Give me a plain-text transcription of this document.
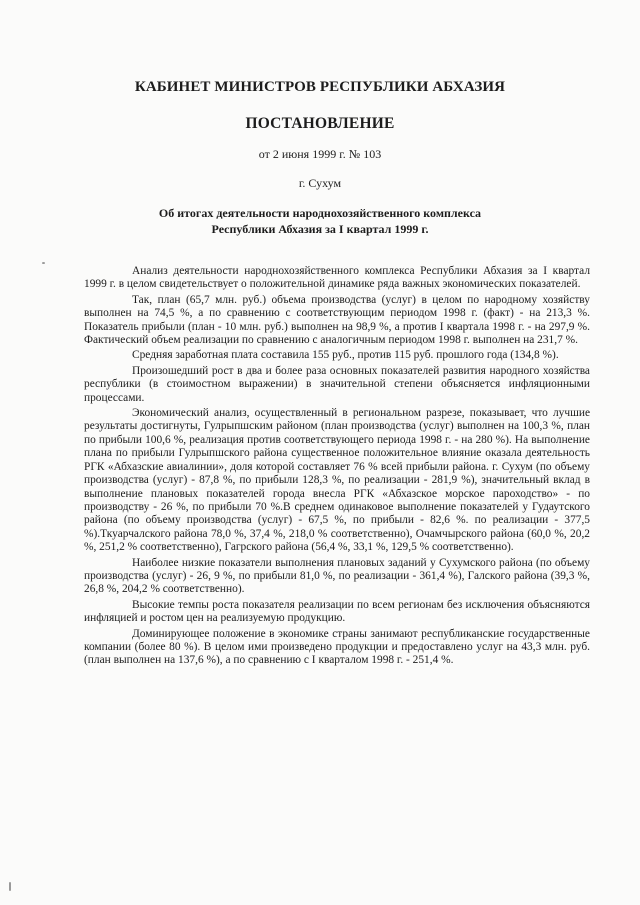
КАБИНЕТ МИНИСТРОВ РЕСПУБЛИКИ АБХАЗИЯ
ПОСТАНОВЛЕНИЕ
от 2 июня 1999 г. № 103
г. Сухум
Об итогах деятельности народнохозяйственного комплекса
Республики Абхазия за I квартал 1999 г.

Анализ деятельности народнохозяйственного комплекса Республики Абхазия за I квартал 1999 г. в целом свидетельствует о положительной динамике ряда важных экономических показателей.

Так, план (65,7 млн. руб.) объема производства (услуг) в целом по народному хозяйству выполнен на 74,5 %, а по сравнению с соответствующим периодом 1998 г. (факт) - на 213,3 %. Показатель прибыли (план - 10 млн. руб.) выполнен на 98,9 %, а против I квартала 1998 г. - на 297,9 %. Фактический объем реализации по сравнению с аналогичным периодом 1998 г. выполнен на 231,7 %.

Средняя заработная плата составила 155 руб., против 115 руб. прошлого года (134,8 %).

Произошедший рост в два и более раза основных показателей развития народного хозяйства республики (в стоимостном выражении) в значительной степени объясняется инфляционными процессами.

Экономический анализ, осуществленный в региональном разрезе, показывает, что лучшие результаты достигнуты, Гулрыпшским районом (план производства (услуг) выполнен на 100,3 %, план по прибыли 100,6 %, реализация против соответствующего периода 1998 г. - на 280 %). На выполнение плана по прибыли Гулрыпшского района существенное положительное влияние оказала деятельность РГК «Абхазские авиалинии», доля которой составляет 76 % всей прибыли района. г. Сухум (по объему производства (услуг) - 87,8 %, по прибыли 128,3 %, по реализации - 281,9 %), значительный вклад в выполнение плановых показателей города внесла РГК «Абхазское морское пароходство» - по производству - 26 %, по прибыли 70 %.В среднем одинаковое выполнение показателей у Гудаутского района (по объему производства (услуг) - 67,5 %, по прибыли - 82,6 %. по реализации - 377,5 %).Ткуарчалского района 78,0 %, 37,4 %, 218,0 % соответственно), Очамчырского района (60,0 %, 20,2 %, 251,2 % соответственно), Гагрского района (56,4 %, 33,1 %, 129,5 % соответственно).

Наиболее низкие показатели выполнения плановых заданий у Сухумского района (по объему производства (услуг) - 26, 9 %, по прибыли 81,0 %, по реализации - 361,4 %), Галского района (39,3 %, 26,8 %, 204,2 % соответственно).

Высокие темпы роста показателя реализации по всем регионам без исключения объясняются инфляцией и ростом цен на реализуемую продукцию.

Доминирующее положение в экономике страны занимают республиканские государственные компании (более 80 %). В целом ими произведено продукции и предоставлено услуг на 43,3 млн. руб. (план выполнен на 137,6 %), а по сравнению с I кварталом 1998 г. - 251,4 %.
